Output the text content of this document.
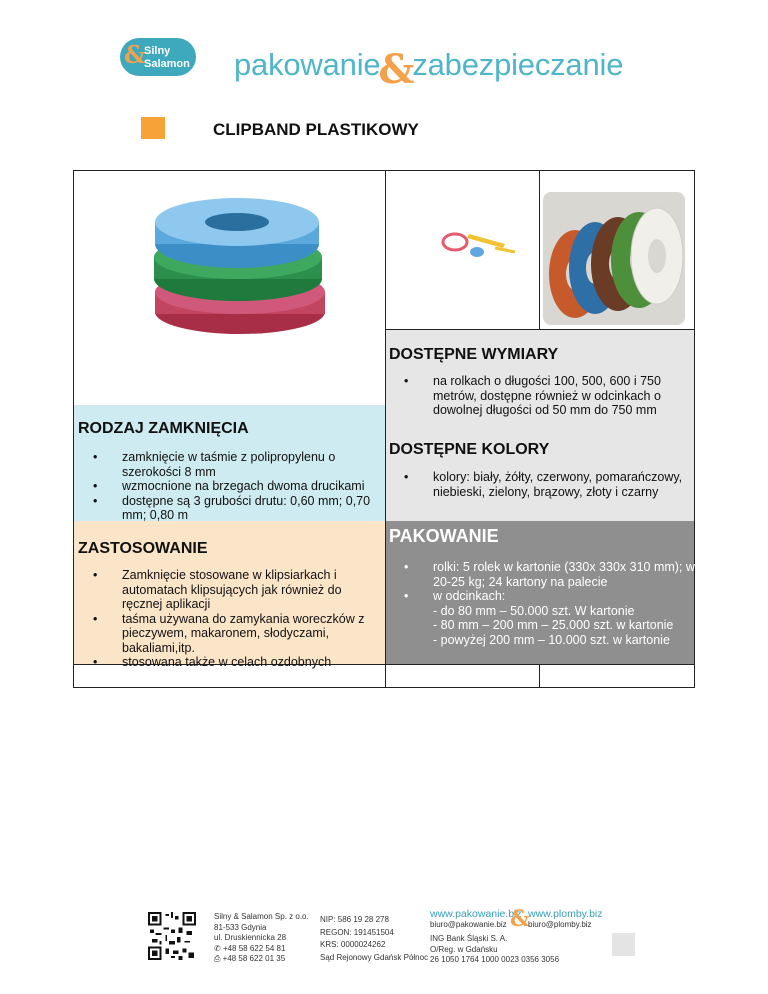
&
Silny
Salamon pakowanie&zabezpieczanie
CLIPBAND PLASTIKOWY
RODZAJ ZAMKNIĘCIA
• zamknięcie w taśmie z polipropylenu o szerokości 8 mm
• wzmocnione na brzegach dwoma drucikami
• dostępne są 3 grubości drutu: 0,60 mm; 0,70 mm; 0,80 m
ZASTOSOWANIE
• Zamknięcie stosowane w klipsiarkach i automatach klipsujących jak również do ręcznej aplikacji
• taśma używana do zamykania woreczków z pieczywem, makaronem, słodyczami, bakaliami,itp.
• stosowana także w celach ozdobnych
DOSTĘPNE WYMIARY
• na rolkach o długości 100, 500, 600 i 750 metrów, dostępne również w odcinkach o dowolnej długości od 50 mm do 750 mm
DOSTĘPNE KOLORY
• kolory: biały, żółty, czerwony, pomarańczowy, niebieski, zielony, brązowy, złoty i czarny
PAKOWANIE
• rolki: 5 rolek w kartonie (330x 330x 310 mm); waga 20-25 kg; 24 kartony na palecie
• w odcinkach:
- do 80 mm – 50.000 szt. W kartonie
- 80 mm – 200 mm – 25.000 szt. w kartonie
- powyżej 200 mm – 10.000 szt. w kartonie
Silny & Salamon Sp. z o.o.
81-533 Gdynia
ul. Druskiennicka 28
✆ +48 58 622 54 81
⎙ +48 58 622 01 35
NIP: 586 19 28 278
REGON: 191451504
KRS: 0000024262
Sąd Rejonowy Gdańsk Północ
www.pakowanie.biz
biuro@pakowanie.biz &
www.plomby.biz
biuro@plomby.biz
ING Bank Śląski S. A.
O/Reg. w Gdańsku
26 1050 1764 1000 0023 0356 3056
